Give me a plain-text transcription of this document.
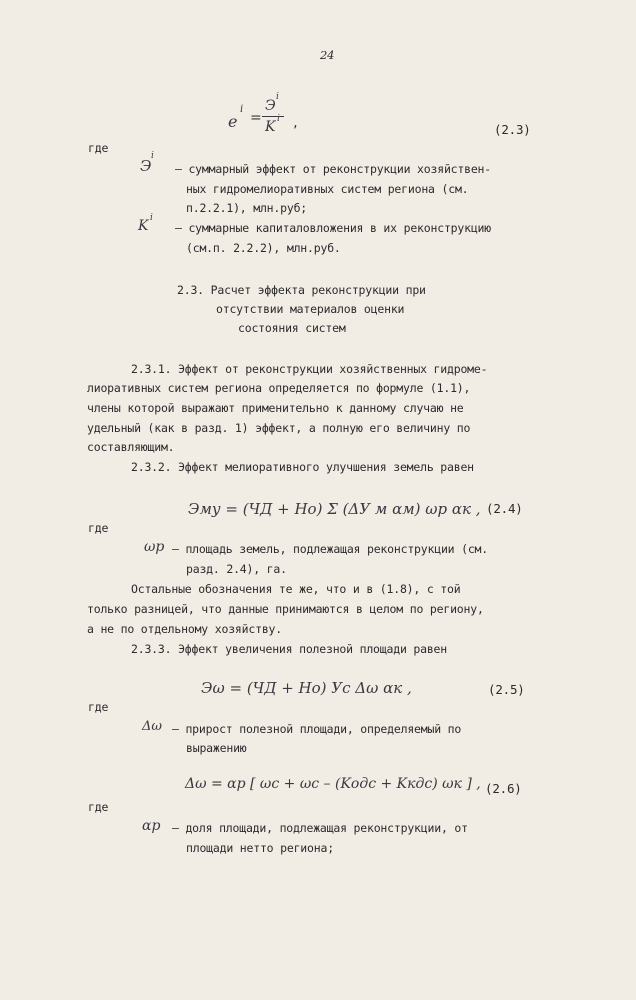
24
e
i
=
Э
i
K i ,	(2.3)
где
Э
i
– суммарный эффект от реконструкции хозяйствен-
ных гидромелиоративных систем региона (см.
п.2.2.1), млн.руб;
K i
– суммарные капиталовложения в их реконструкцию
(см.п. 2.2.2), млн.руб.
2.3. Расчет эффекта реконструкции при
отсутствии материалов оценки
состояния систем
2.3.1. Эффект от реконструкции хозяйственных гидромe-
лиоративных систем региона определяется по формуле (1.1),
члены которой выражают применительно к данному случаю не
удельный (как в разд. 1) эффект, а полную его величину по
составляющим.
2.3.2. Эффект мелиоративного улучшения земель равен
Эму = (ЧД + Hо) Σ (ΔУ м αм) ωр αк , (2.4)
где
ωр – площадь земель, подлежащая реконструкции (см.
разд. 2.4), га.
Остальные обозначения те же, что и в (1.8), с той
только разницей, что данные принимаются в целом по региону,
а не по отдельному хозяйству.
2.3.3. Эффект увеличения полезной площади равен
Эω = (ЧД + Hо) Ус Δω αк ,	(2.5)
где
Δω – прирост полезной площади, определяемый по
выражению
Δω = αр [ ωс + ωс – (Kодс + Kкдс) ωк ] , (2.6)
где
αр – доля площади, подлежащая реконструкции, от
площади нетто региона;
